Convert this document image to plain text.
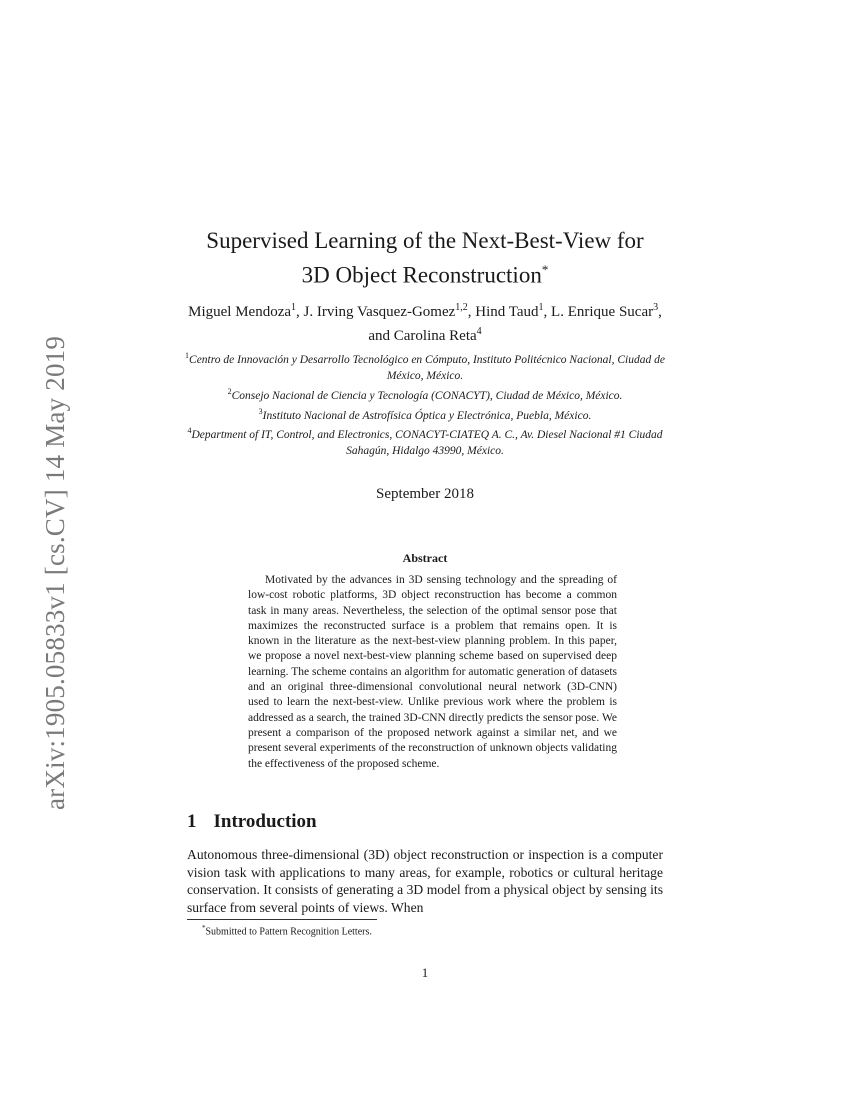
arXiv:1905.05833v1 [cs.CV] 14 May 2019
Supervised Learning of the Next-Best-View for
3D Object Reconstruction*
Miguel Mendoza$^1$, J. Irving Vasquez-Gomez$^{1,2}$, Hind Taud$^1$, L. Enrique Sucar$^3$, and Carolina Reta$^4$
$^1$Centro de Innovación y Desarrollo Tecnológico en Cómputo, Instituto Politécnico Nacional, Ciudad de México, México.
$^2$Consejo Nacional de Ciencia y Tecnología (CONACYT), Ciudad de México, México.
$^3$Instituto Nacional de Astrofísica Óptica y Electrónica, Puebla, México.
$^4$Department of IT, Control, and Electronics, CONACYT-CIATEQ A. C., Av. Diesel Nacional #1 Ciudad Sahagún, Hidalgo 43990, México.
September 2018
Abstract

Motivated by the advances in 3D sensing technology and the spreading of low-cost robotic platforms, 3D object reconstruction has become a common task in many areas. Nevertheless, the selection of the optimal sensor pose that maximizes the reconstructed surface is a problem that remains open. It is known in the literature as the next-best-view planning problem. In this paper, we propose a novel next-best-view planning scheme based on supervised deep learning. The scheme contains an algorithm for automatic generation of datasets and an original three-dimensional convolutional neural network (3D-CNN) used to learn the next-best-view. Unlike previous work where the problem is addressed as a search, the trained 3D-CNN directly predicts the sensor pose. We present a comparison of the proposed network against a similar net, and we present several experiments of the reconstruction of unknown objects validating the effectiveness of the proposed scheme.

1 Introduction

Autonomous three-dimensional (3D) object reconstruction or inspection is a computer vision task with applications to many areas, for example, robotics or cultural heritage conservation. It consists of generating a 3D model from a physical object by sensing its surface from several points of views. When

*Submitted to Pattern Recognition Letters.
1
